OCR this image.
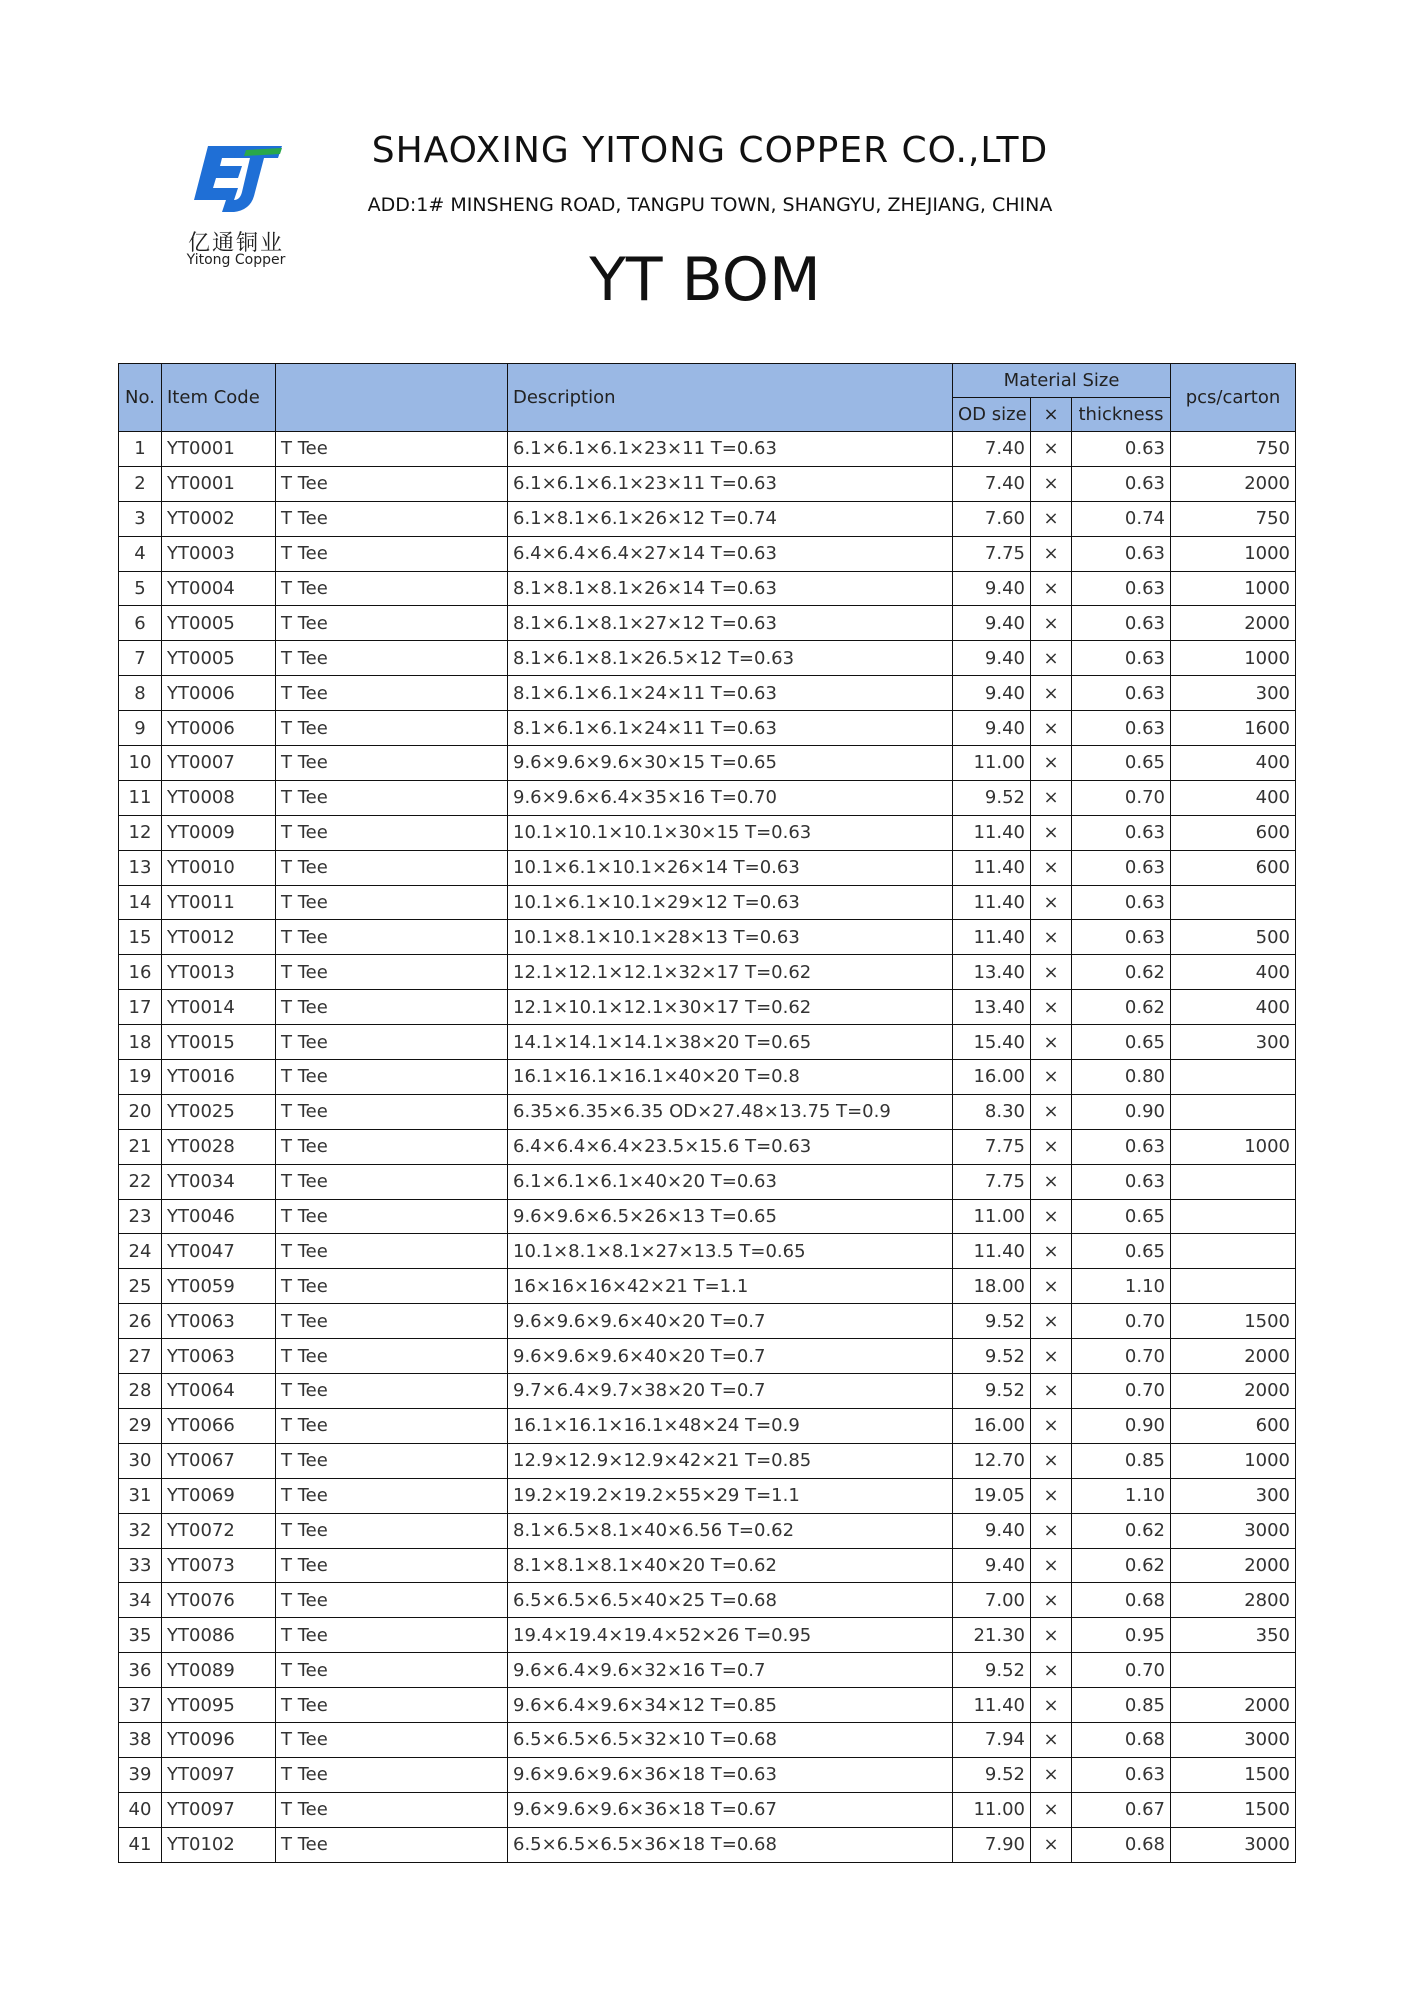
亿通铜业
Yitong Copper
SHAOXING YITONG COPPER CO.,LTD
ADD:1# MINSHENG ROAD, TANGPU TOWN, SHANGYU, ZHEJIANG, CHINA
YT BOM
No.	Item Code		Description	Material Size			pcs/carton
				OD size	×	thickness	
1	YT0001	T Tee	6.1×6.1×6.1×23×11 T=0.63	7.40	×	0.63	750
2	YT0001	T Tee	6.1×6.1×6.1×23×11 T=0.63	7.40	×	0.63	2000
3	YT0002	T Tee	6.1×8.1×6.1×26×12 T=0.74	7.60	×	0.74	750
4	YT0003	T Tee	6.4×6.4×6.4×27×14 T=0.63	7.75	×	0.63	1000
5	YT0004	T Tee	8.1×8.1×8.1×26×14 T=0.63	9.40	×	0.63	1000
6	YT0005	T Tee	8.1×6.1×8.1×27×12 T=0.63	9.40	×	0.63	2000
7	YT0005	T Tee	8.1×6.1×8.1×26.5×12 T=0.63	9.40	×	0.63	1000
8	YT0006	T Tee	8.1×6.1×6.1×24×11 T=0.63	9.40	×	0.63	300
9	YT0006	T Tee	8.1×6.1×6.1×24×11 T=0.63	9.40	×	0.63	1600
10	YT0007	T Tee	9.6×9.6×9.6×30×15 T=0.65	11.00	×	0.65	400
11	YT0008	T Tee	9.6×9.6×6.4×35×16 T=0.70	9.52	×	0.70	400
12	YT0009	T Tee	10.1×10.1×10.1×30×15 T=0.63	11.40	×	0.63	600
13	YT0010	T Tee	10.1×6.1×10.1×26×14 T=0.63	11.40	×	0.63	600
14	YT0011	T Tee	10.1×6.1×10.1×29×12 T=0.63	11.40	×	0.63	
15	YT0012	T Tee	10.1×8.1×10.1×28×13 T=0.63	11.40	×	0.63	500
16	YT0013	T Tee	12.1×12.1×12.1×32×17 T=0.62	13.40	×	0.62	400
17	YT0014	T Tee	12.1×10.1×12.1×30×17 T=0.62	13.40	×	0.62	400
18	YT0015	T Tee	14.1×14.1×14.1×38×20 T=0.65	15.40	×	0.65	300
19	YT0016	T Tee	16.1×16.1×16.1×40×20 T=0.8	16.00	×	0.80	
20	YT0025	T Tee	6.35×6.35×6.35 OD×27.48×13.75 T=0.9	8.30	×	0.90	
21	YT0028	T Tee	6.4×6.4×6.4×23.5×15.6 T=0.63	7.75	×	0.63	1000
22	YT0034	T Tee	6.1×6.1×6.1×40×20 T=0.63	7.75	×	0.63	
23	YT0046	T Tee	9.6×9.6×6.5×26×13 T=0.65	11.00	×	0.65	
24	YT0047	T Tee	10.1×8.1×8.1×27×13.5 T=0.65	11.40	×	0.65	
25	YT0059	T Tee	16×16×16×42×21 T=1.1	18.00	×	1.10	
26	YT0063	T Tee	9.6×9.6×9.6×40×20 T=0.7	9.52	×	0.70	1500
27	YT0063	T Tee	9.6×9.6×9.6×40×20 T=0.7	9.52	×	0.70	2000
28	YT0064	T Tee	9.7×6.4×9.7×38×20 T=0.7	9.52	×	0.70	2000
29	YT0066	T Tee	16.1×16.1×16.1×48×24 T=0.9	16.00	×	0.90	600
30	YT0067	T Tee	12.9×12.9×12.9×42×21 T=0.85	12.70	×	0.85	1000
31	YT0069	T Tee	19.2×19.2×19.2×55×29 T=1.1	19.05	×	1.10	300
32	YT0072	T Tee	8.1×6.5×8.1×40×6.56 T=0.62	9.40	×	0.62	3000
33	YT0073	T Tee	8.1×8.1×8.1×40×20 T=0.62	9.40	×	0.62	2000
34	YT0076	T Tee	6.5×6.5×6.5×40×25 T=0.68	7.00	×	0.68	2800
35	YT0086	T Tee	19.4×19.4×19.4×52×26 T=0.95	21.30	×	0.95	350
36	YT0089	T Tee	9.6×6.4×9.6×32×16 T=0.7	9.52	×	0.70	
37	YT0095	T Tee	9.6×6.4×9.6×34×12 T=0.85	11.40	×	0.85	2000
38	YT0096	T Tee	6.5×6.5×6.5×32×10 T=0.68	7.94	×	0.68	3000
39	YT0097	T Tee	9.6×9.6×9.6×36×18 T=0.63	9.52	×	0.63	1500
40	YT0097	T Tee	9.6×9.6×9.6×36×18 T=0.67	11.00	×	0.67	1500
41	YT0102	T Tee	6.5×6.5×6.5×36×18 T=0.68	7.90	×	0.68	3000
